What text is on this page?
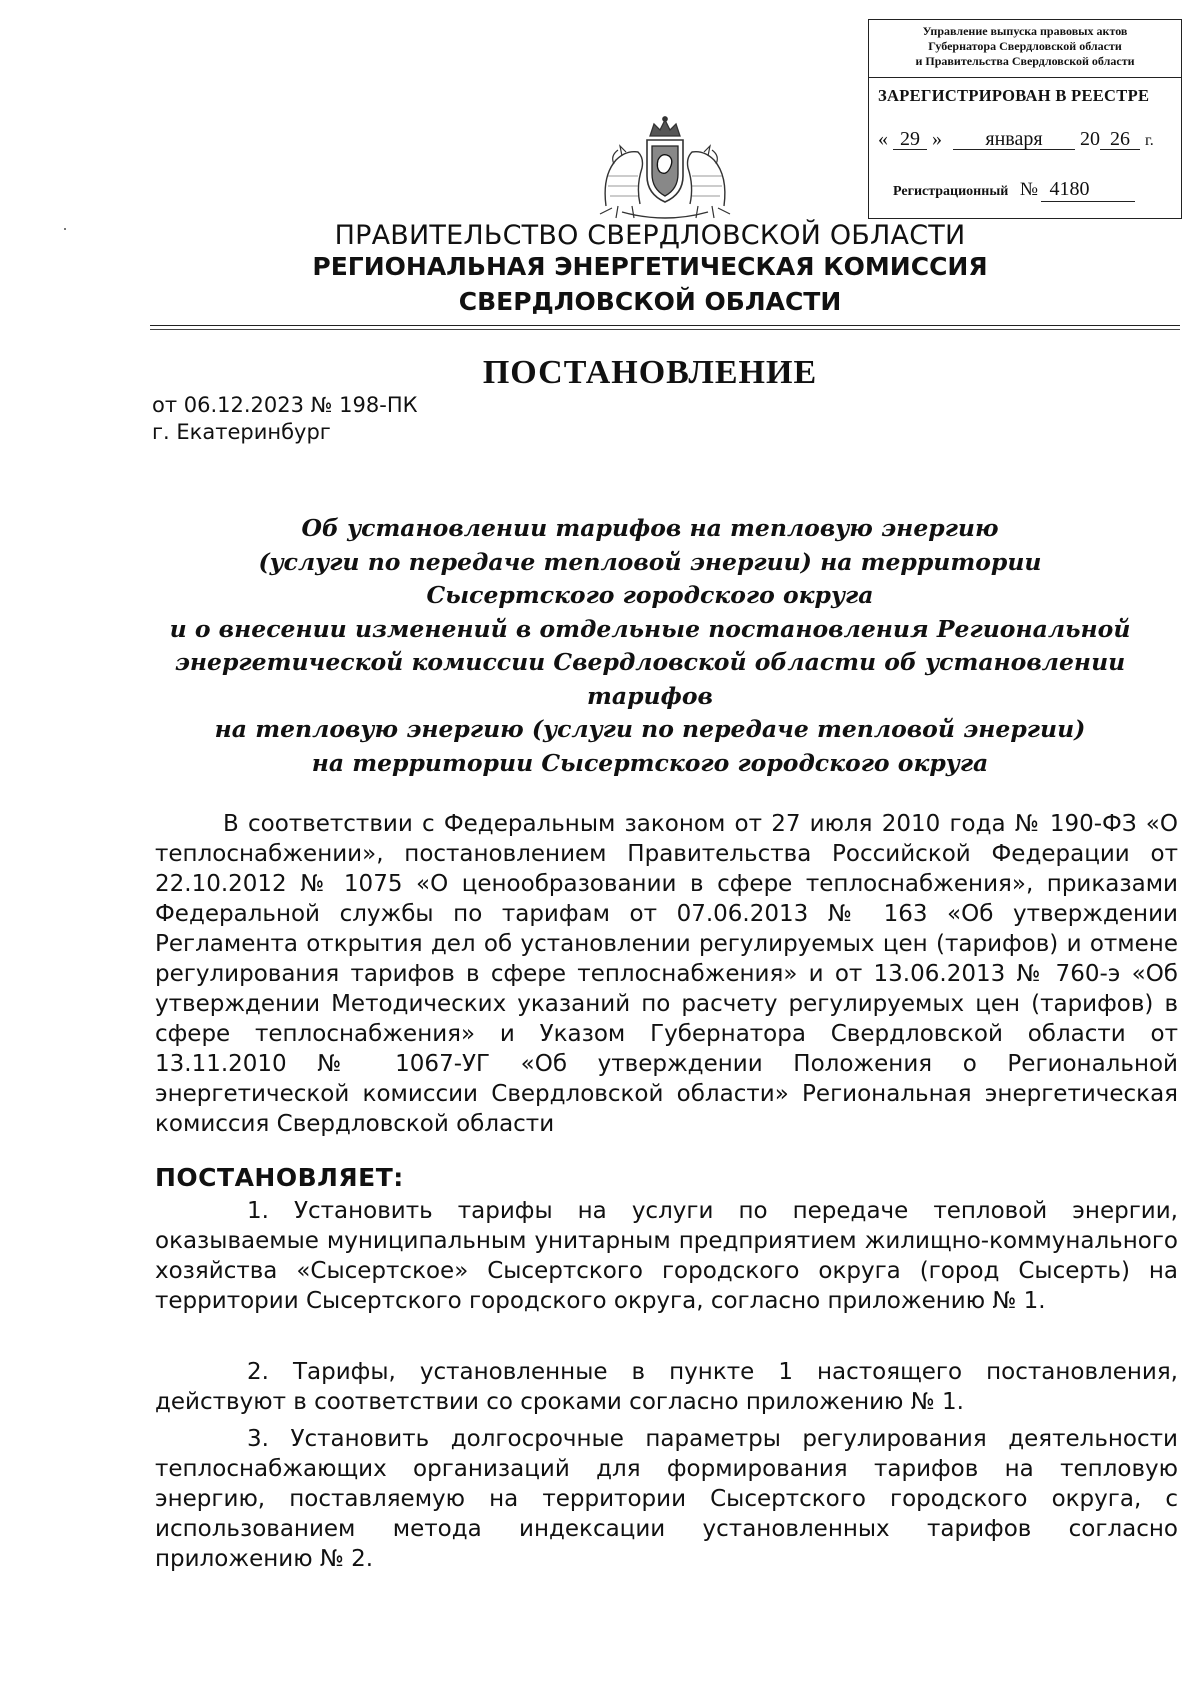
Управление выпуска правовых актов
Губернатора Свердловской области
и Правительства Свердловской области
ЗАРЕГИСТРИРОВАН В РЕЕСТРЕ
« 29 » января 20 26 г.
Регистрационный № 4180
ПРАВИТЕЛЬСТВО СВЕРДЛОВСКОЙ ОБЛАСТИ
РЕГИОНАЛЬНАЯ ЭНЕРГЕТИЧЕСКАЯ КОМИССИЯ
СВЕРДЛОВСКОЙ ОБЛАСТИ
ПОСТАНОВЛЕНИЕ
от 06.12.2023 № 198-ПК
г. Екатеринбург
Об установлении тарифов на тепловую энергию
(услуги по передаче тепловой энергии) на территории
Сысертского городского округа
и о внесении изменений в отдельные постановления Региональной
энергетической комиссии Свердловской области об установлении тарифов
на тепловую энергию (услуги по передаче тепловой энергии)
на территории Сысертского городского округа
В соответствии с Федеральным законом от 27 июля 2010 года № 190-ФЗ «О теплоснабжении», постановлением Правительства Российской Федерации от 22.10.2012 № 1075 «О ценообразовании в сфере теплоснабжения», приказами Федеральной службы по тарифам от 07.06.2013 № 163 «Об утверждении Регламента открытия дел об установлении регулируемых цен (тарифов) и отмене регулирования тарифов в сфере теплоснабжения» и от 13.06.2013 № 760-э «Об утверждении Методических указаний по расчету регулируемых цен (тарифов) в сфере теплоснабжения» и Указом Губернатора Свердловской области от 13.11.2010 № 1067-УГ «Об утверждении Положения о Региональной энергетической комиссии Свердловской области» Региональная энергетическая комиссия Свердловской области
ПОСТАНОВЛЯЕТ:
1. Установить тарифы на услуги по передаче тепловой энергии, оказываемые муниципальным унитарным предприятием жилищно-коммунального хозяйства «Сысертское» Сысертского городского округа (город Сысерть) на территории Сысертского городского округа, согласно приложению № 1.
2. Тарифы, установленные в пункте 1 настоящего постановления, действуют в соответствии со сроками согласно приложению № 1.
3. Установить долгосрочные параметры регулирования деятельности теплоснабжающих организаций для формирования тарифов на тепловую энергию, поставляемую на территории Сысертского городского округа, с использованием метода индексации установленных тарифов согласно приложению № 2.
